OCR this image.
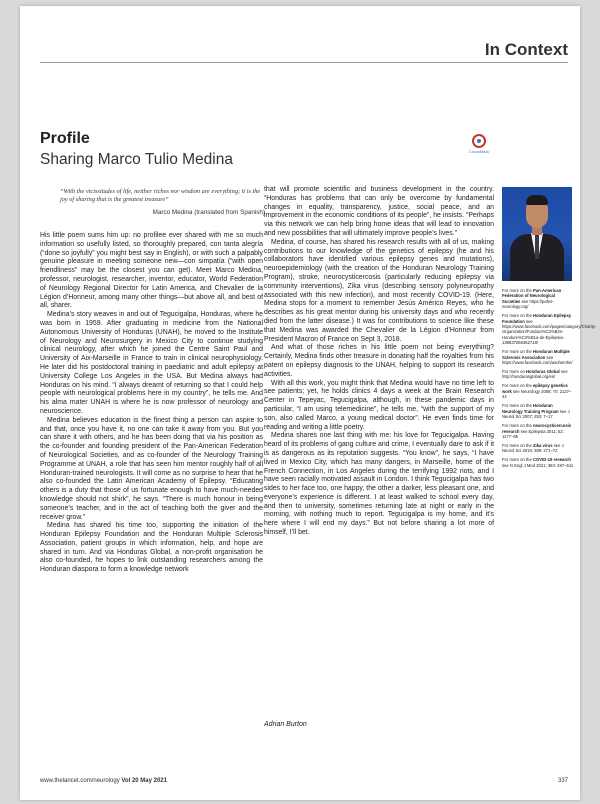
In Context
Profile
Sharing Marco Tulio Medina	CrossMark
“With the vicissitudes of life, neither riches nor wisdom are everything; it is the joy of sharing that is the greatest treasure”
Marco Medina (translated from Spanish)

His little poem sums him up: no profilee ever shared with me so much information so usefully listed, so thoroughly prepared, con tanta alegría (“done so joyfully” you might best say in English), or with such a palpably genuine pleasure in meeting someone new—con simpatía (“with open friendliness” may be the closest you can get). Meet Marco Medina, professor, neurologist, researcher, inventor, educator, World Federation of Neurology Regional Director for Latin America, and Chevalier de la Légion d’Honneur, among many other things—but above all, and best of all, sharer.

Medina’s story weaves in and out of Tegucigalpa, Honduras, where he was born in 1959. After graduating in medicine from the National Autonomous University of Honduras (UNAH), he moved to the Institute of Neurology and Neurosurgery in Mexico City to continue studying clinical neurology, after which he joined the Centre Saint Paul and University of Aix-Marseille in France to train in clinical neurophysiology. He later did his postdoctoral training in paediatric and adult epilepsy at University College Los Angeles in the USA. But Medina always had Honduras on his mind. “I always dreamt of returning so that I could help people with neurological problems here in my country”, he tells me. And his alma mater UNAH is where he is now professor of neurology and neuroscience.

Medina believes education is the finest thing a person can aspire to and that, once you have it, no one can take it away from you. But you can share it with others, and he has been doing that via his position as the co-founder and founding president of the Pan-American Federation of Neurological Societies, and as co-founder of the Neurology Training Programme at UNAH, a role that has seen him mentor roughly half of all Honduran-trained neurologists. It will come as no surprise to hear that he also co-founded the Latin American Academy of Epilepsy. “Educating others is a duty that those of us fortunate enough to have much-needed knowledge should not shirk”, he says. “There is much honour in being someone’s teacher, and in the act of teaching both the giver and the receiver grow.”

Medina has shared his time too, supporting the initiation of the Honduran Epilepsy Foundation and the Honduran Multiple Sclerosis Association, patient groups in which information, help, and hope are shared in turn. And via Honduras Global, a non-profit organisation he also co-founded, he hopes to link outstanding researchers among the Honduran diaspora to form a knowledge network

that will promote scientific and business development in the country. “Honduras has problems that can only be overcome by fundamental changes in equality, transparency, justice, social peace, and an improvement in the economic conditions of its people”, he insists. “Perhaps via this network we can help bring home ideas that will lead to innovation and new possibilities that will ultimately improve people’s lives.”

Medina, of course, has shared his research results with all of us, making contributions to our knowledge of the genetics of epilepsy (he and his collaborators have identified various epilepsy genes and mutations), neuroepidemiology (with the creation of the Honduran Neurology Training Program), stroke, neurocysticercosis (particularly reducing epilepsy via community interventions), Zika virus (describing sensory polyneuropathy associated with this new infection), and most recently COVID-19. (Here, Medina stops for a moment to remember Jesús Américo Reyes, who he describes as his great mentor during his university days and who recently died from the latter disease.) It was for contributions to science like these that Medina was awarded the Chevalier de la Légion d’Honneur from President Macron of France on Sept 3, 2018.

And what of those riches in his little poem not being everything? Certainly, Medina finds other treasure in donating half the royalties from his patent on epilepsy diagnosis to the UNAH, helping to support its research activities.

With all this work, you might think that Medina would have no time left to see patients; yet, he holds clinics 4 days a week at the Brain Research Center in Tepeyac, Tegucigalpa, although, in these pandemic days in particular, “I am using telemedicine”, he tells me, “with the support of my son, also called Marco, a young medical doctor”. He even finds time for reading and writing a little poetry.

Medina shares one last thing with me: his love for Tegucigalpa. Having heard of its problems of gang culture and crime, I eventually dare to ask if it is as dangerous as its reputation suggests. “You know”, he says, “I have lived in Mexico City, which has many dangers, in Marseille, home of the French Connection, in Los Angeles during the terrifying 1992 riots, and I have seen racially motivated assault in London. I think Tegucigalpa has two sides to her face too, one happy, the other a darker, less pleasant one, and everyone’s experience is different. I at least walked to school every day, and then to university, sometimes returning late at night or early in the morning, with nothing much to report. Tegucigalpa is my home, and it’s here where I will end my days.” But not before sharing a lot more of himself, I’ll bet.

Adrian Burton
For more on the Pan-American Federation of Neurological Societies see https://pafns-neurology.org/
For more on the Honduran Epilepsy Foundation see https://www.facebook.com/pages/category/Charity-Organization/Fundaci%C3%B3n-Hondure%C3%B1a-de-Epilepsia-139837066362718/
For more on the Honduran Multiple Sclerosis Association see https://www.facebook.com/asohemhn/
For more on Honduras Global see http://hondurasglobal.org/en/
For more on the epilepsy genetics work see Neurology 2008; 70: 2137–44
For more on the Honduran Neurology Training Program see J Neurol Sci 2007; 253: 7–17
For more on the neurocysticercosis research see Epilepsia 2011; 52: 1177–85
For more on the Zika virus see J Neurol Sci 2016; 369: 271–72
For more on the COVID-19 research see N Engl J Med 2021; 384: 497–511
www.thelancet.com/neurology Vol 20 May 2021	337
